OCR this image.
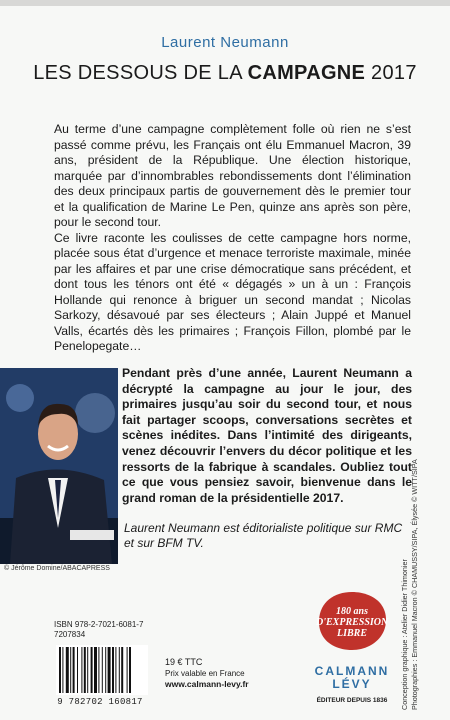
Laurent Neumann
LES DESSOUS DE LA CAMPAGNE 2017

Au terme d’une campagne complètement folle où rien ne s’est passé comme prévu, les Français ont élu Emmanuel Macron, 39 ans, président de la République. Une élection historique, marquée par d’innombrables rebondissements dont l’élimination des deux principaux partis de gouvernement dès le premier tour et la qualification de Marine Le Pen, quinze ans après son père, pour le second tour.

Ce livre raconte les coulisses de cette campagne hors norme, placée sous état d’urgence et menace terroriste maximale, minée par les affaires et par une crise démocratique sans précédent, et dont tous les ténors ont été « dégagés » un à un : François Hollande qui renonce à briguer un second mandat ; Nicolas Sarkozy, désavoué par ses électeurs ; Alain Juppé et Manuel Valls, écartés dès les primaires ; François Fillon, plombé par le Penelopegate…

© Jérôme Domine/ABACAPRESS
Pendant près d’une année, Laurent Neumann a décrypté la campagne au jour le jour, des primaires jusqu’au soir du second tour, et nous fait partager scoops, conversations secrètes et scènes inédites. Dans l’intimité des dirigeants, venez découvrir l’envers du décor politique et les ressorts de la fabrique à scandales. Oubliez tout ce que vous pensiez savoir, bienvenue dans le grand roman de la présidentielle 2017.
Laurent Neumann est éditorialiste politique sur RMC et sur BFM TV.
ISBN 978-2-7021-6081-7
7207834
9 782702 160817
19 € TTC
Prix valable en France
www.calmann-levy.fr
180 ans
D'EXPRESSION
LIBRE
CALMANN
LÉVY
ÉDITEUR DEPUIS 1836	Conception graphique : Atelier Didier Thimonier Photographies : Emmanuel Macron © CHAMUSSY/SIPA, Élysée © WITT/SIPA
